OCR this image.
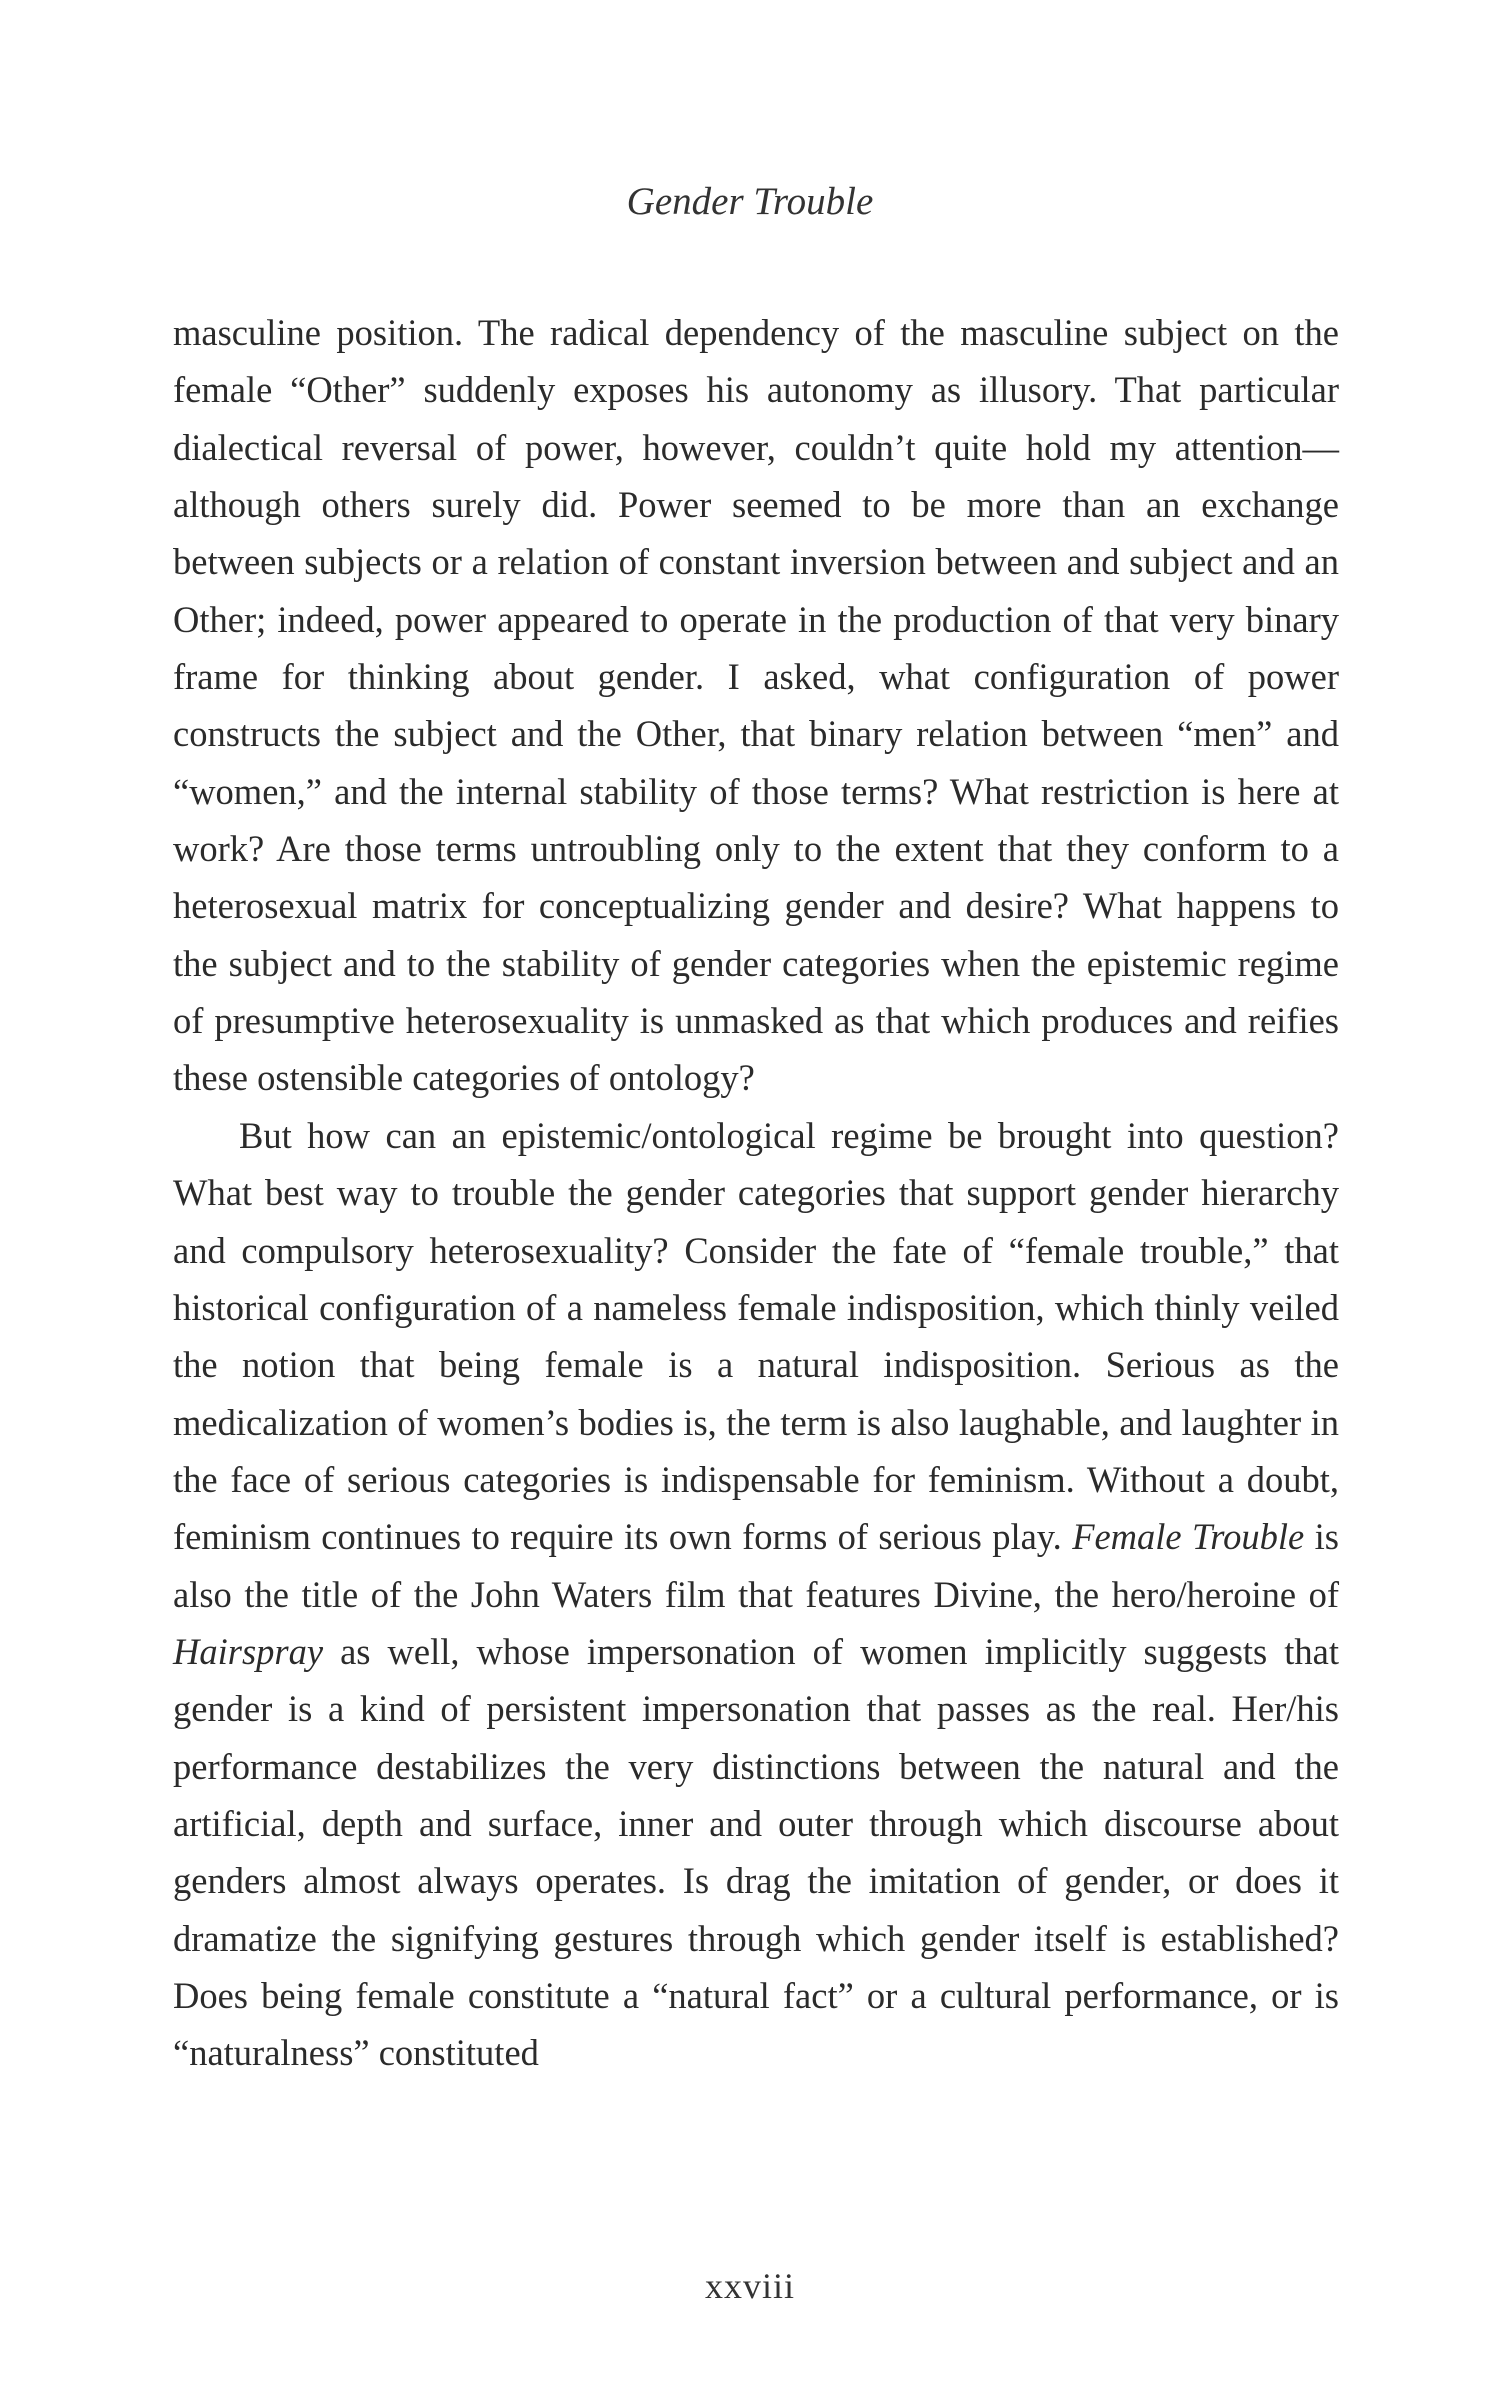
Gender Trouble

masculine position. The radical dependency of the masculine subject on the female “Other” suddenly exposes his autonomy as illusory. That particular dialectical reversal of power, however, couldn’t quite hold my attention—although others surely did. Power seemed to be more than an exchange between subjects or a relation of constant inversion between and subject and an Other; indeed, power appeared to operate in the production of that very binary frame for thinking about gender. I asked, what configuration of power constructs the subject and the Other, that binary relation between “men” and “women,” and the internal stability of those terms? What restriction is here at work? Are those terms untroubling only to the extent that they conform to a heterosexual matrix for conceptualizing gender and desire? What happens to the subject and to the stability of gender categories when the epistemic regime of presumptive heterosexuality is unmasked as that which produces and reifies these ostensible categories of ontology?

But how can an epistemic/ontological regime be brought into question? What best way to trouble the gender categories that support gender hierarchy and compulsory heterosexuality? Consider the fate of “female trouble,” that historical configuration of a nameless female indisposition, which thinly veiled the notion that being female is a natural indisposition. Serious as the medicalization of women’s bodies is, the term is also laughable, and laughter in the face of serious categories is indispensable for feminism. Without a doubt, feminism continues to require its own forms of serious play. Female Trouble is also the title of the John Waters film that features Divine, the hero/heroine of Hairspray as well, whose impersonation of women implicitly suggests that gender is a kind of persistent impersonation that passes as the real. Her/his performance destabilizes the very distinctions between the natural and the artificial, depth and surface, inner and outer through which discourse about genders almost always operates. Is drag the imitation of gender, or does it dramatize the signifying gestures through which gender itself is established? Does being female constitute a “natural fact” or a cultural performance, or is “naturalness” constituted

xxviii
